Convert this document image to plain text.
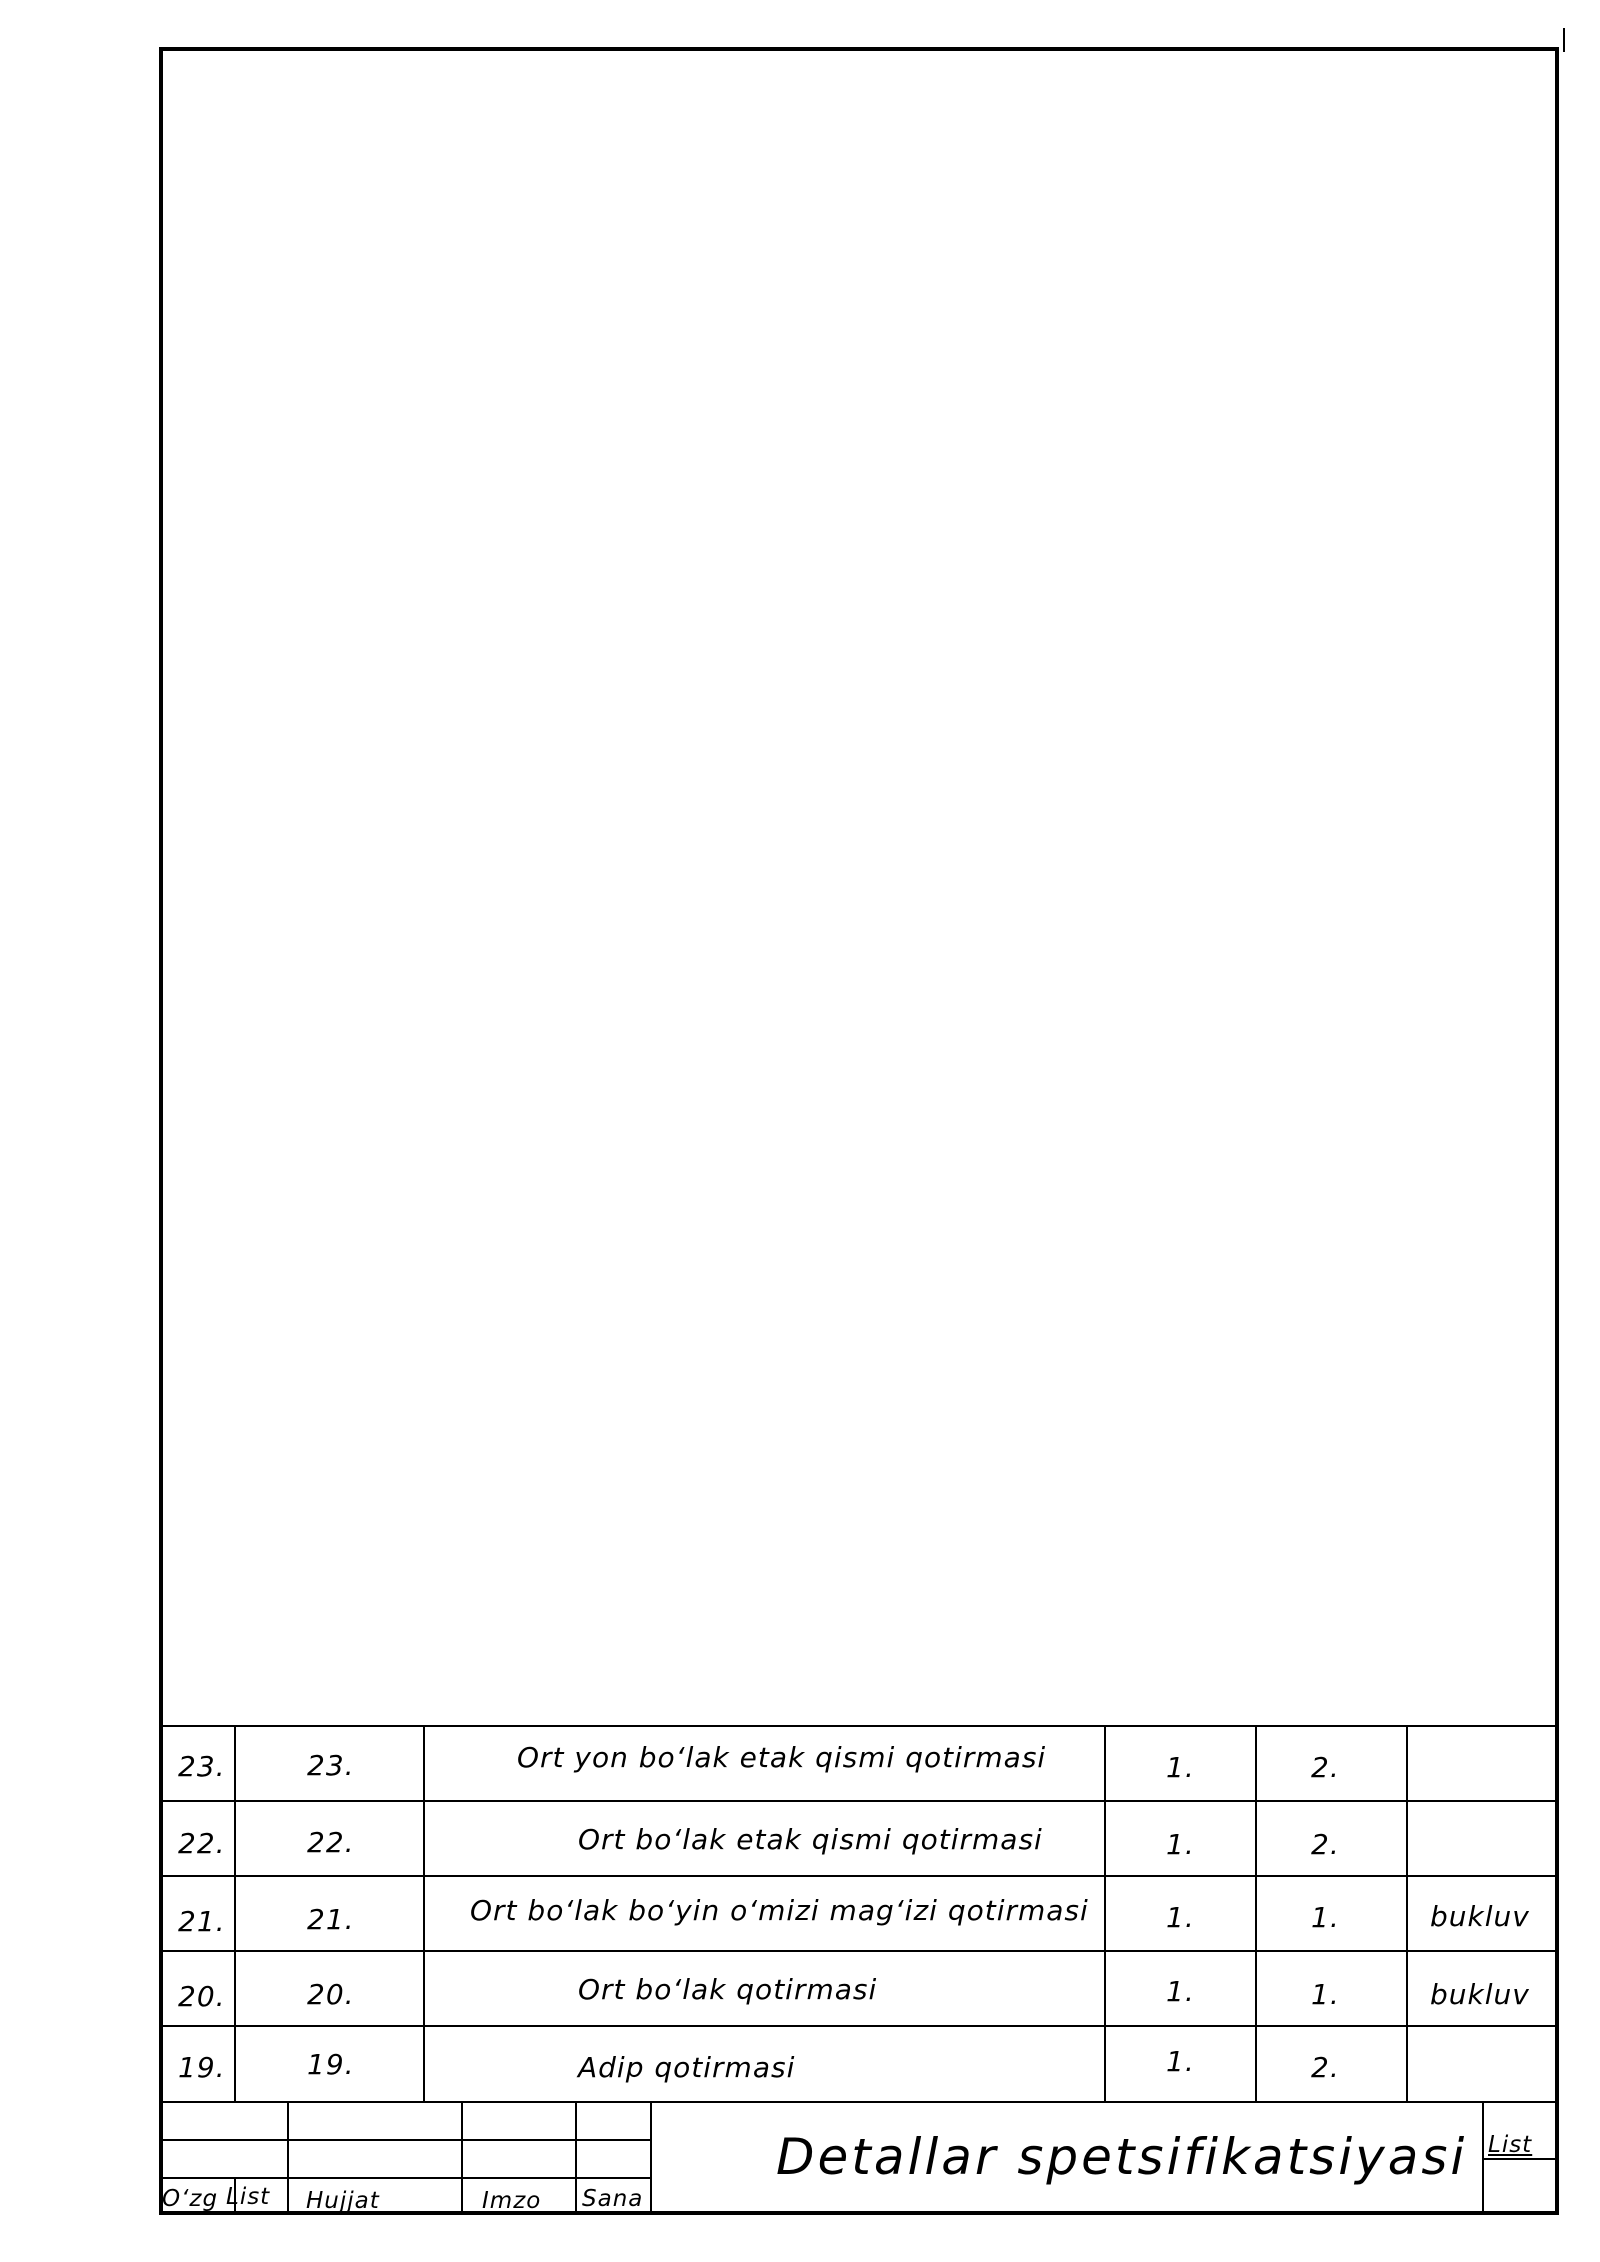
23.	23.	Ort yon bo‘lak etak qismi qotirmasi	1.	2.
22.	22.	Ort bo‘lak etak qismi qotirmasi	1.	2.
21.	21.	Ort bo‘lak bo‘yin o‘mizi mag‘izi qotirmasi	1.	1.	bukluv
20.	20.	Ort bo‘lak qotirmasi	1.	1.	bukluv
19.	19.	Adip qotirmasi	1.	2.
O‘zg List Hujjat	Imzo Sana
Detallar spetsifikatsiyasi List
